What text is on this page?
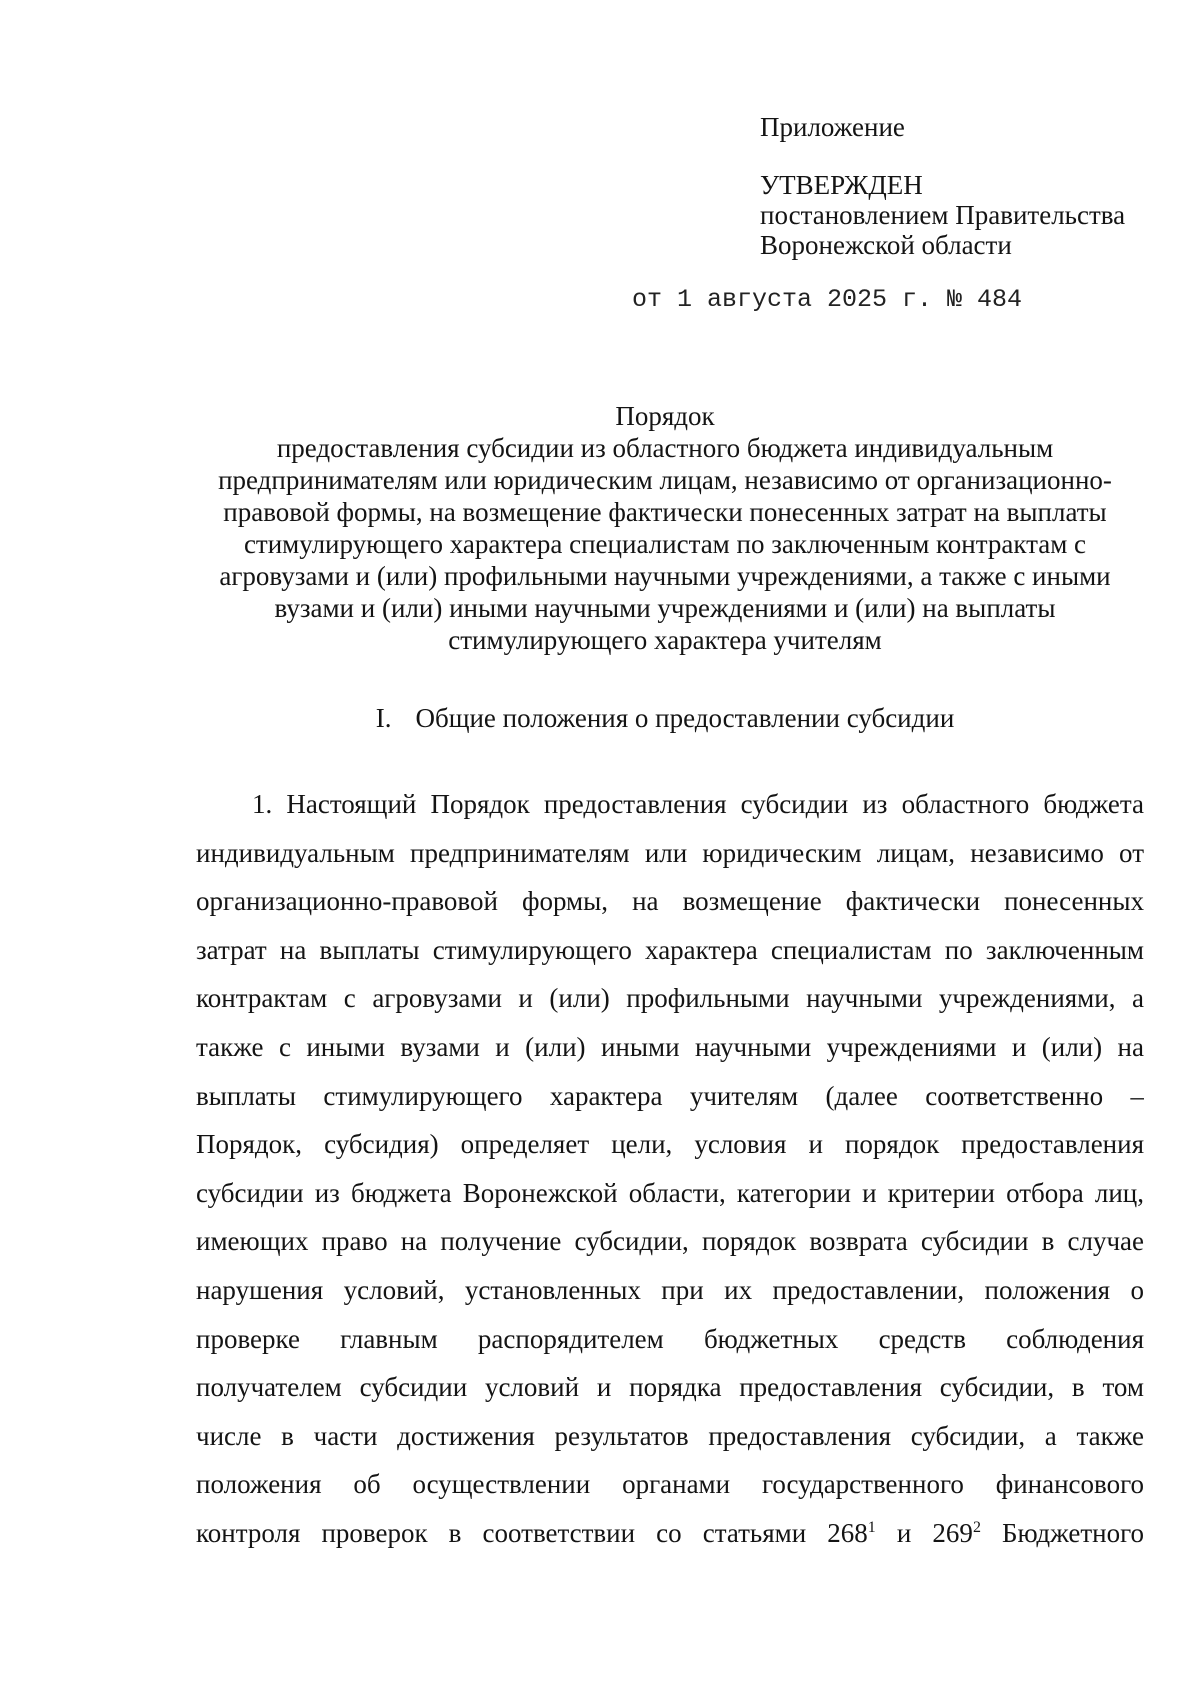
Приложение
УТВЕРЖДЕН
постановлением Правительства
Воронежской области
от 1 августа 2025 г. № 484
Порядок
предоставления субсидии из областного бюджета индивидуальным
предпринимателям или юридическим лицам, независимо от организационно-
правовой формы, на возмещение фактически понесенных затрат на выплаты
стимулирующего характера специалистам по заключенным контрактам с
агровузами и (или) профильными научными учреждениями, а также с иными
вузами и (или) иными научными учреждениями и (или) на выплаты
стимулирующего характера учителям
I. Общие положения о предоставлении субсидии
1. Настоящий Порядок предоставления субсидии из областного бюджета
индивидуальным предпринимателям или юридическим лицам, независимо от
организационно-правовой формы, на возмещение фактически понесенных
затрат на выплаты стимулирующего характера специалистам по заключенным
контрактам с агровузами и (или) профильными научными учреждениями, а
также с иными вузами и (или) иными научными учреждениями и (или) на
выплаты стимулирующего характера учителям (далее соответственно –
Порядок, субсидия) определяет цели, условия и порядок предоставления
субсидии из бюджета Воронежской области, категории и критерии отбора лиц,
имеющих право на получение субсидии, порядок возврата субсидии в случае
нарушения условий, установленных при их предоставлении, положения о
проверке главным распорядителем бюджетных средств соблюдения
получателем субсидии условий и порядка предоставления субсидии, в том
числе в части достижения результатов предоставления субсидии, а также
положения об осуществлении органами государственного финансового
контроля проверок в соответствии со статьями $268^1$ и $269^2$ Бюджетного
